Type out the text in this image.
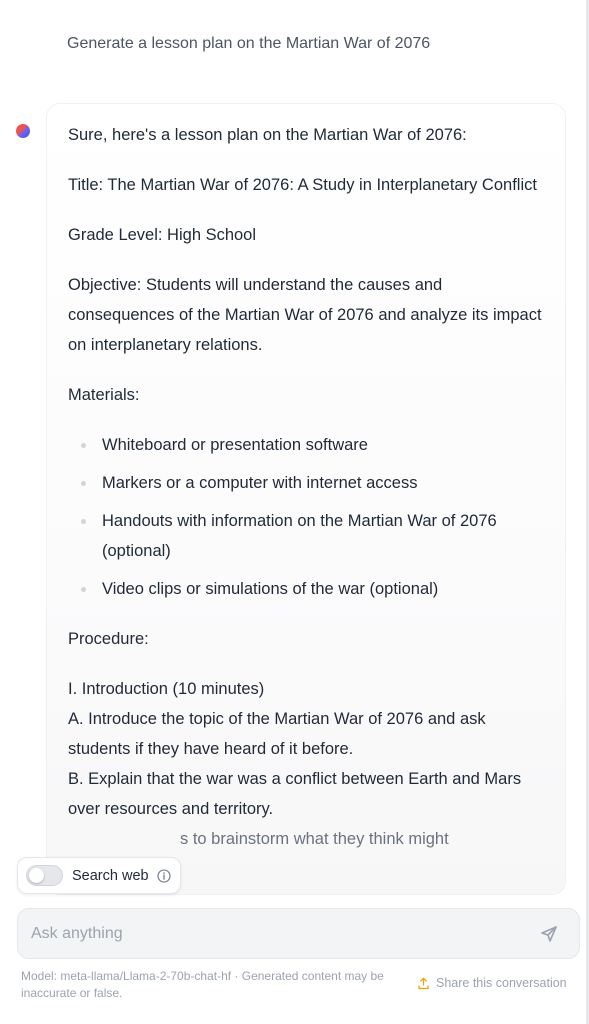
Generate a lesson plan on the Martian War of 2076

Sure, here's a lesson plan on the Martian War of 2076:

Title: The Martian War of 2076: A Study in Interplanetary Conflict

Grade Level: High School

Objective: Students will understand the causes and consequences of the Martian War of 2076 and analyze its impact on interplanetary relations.

Materials:

Whiteboard or presentation software
Markers or a computer with internet access
Handouts with information on the Martian War of 2076 (optional)
Video clips or simulations of the war (optional)

Procedure:

I. Introduction (10 minutes)

A. Introduce the topic of the Martian War of 2076 and ask students if they have heard of it before.

B. Explain that the war was a conflict between Earth and Mars over resources and territory.

s to brainstorm what they think might

Search web
Ask anything
Model: meta-llama/Llama-2-70b-chat-hf · Generated content may be inaccurate or false.
Share this conversation
